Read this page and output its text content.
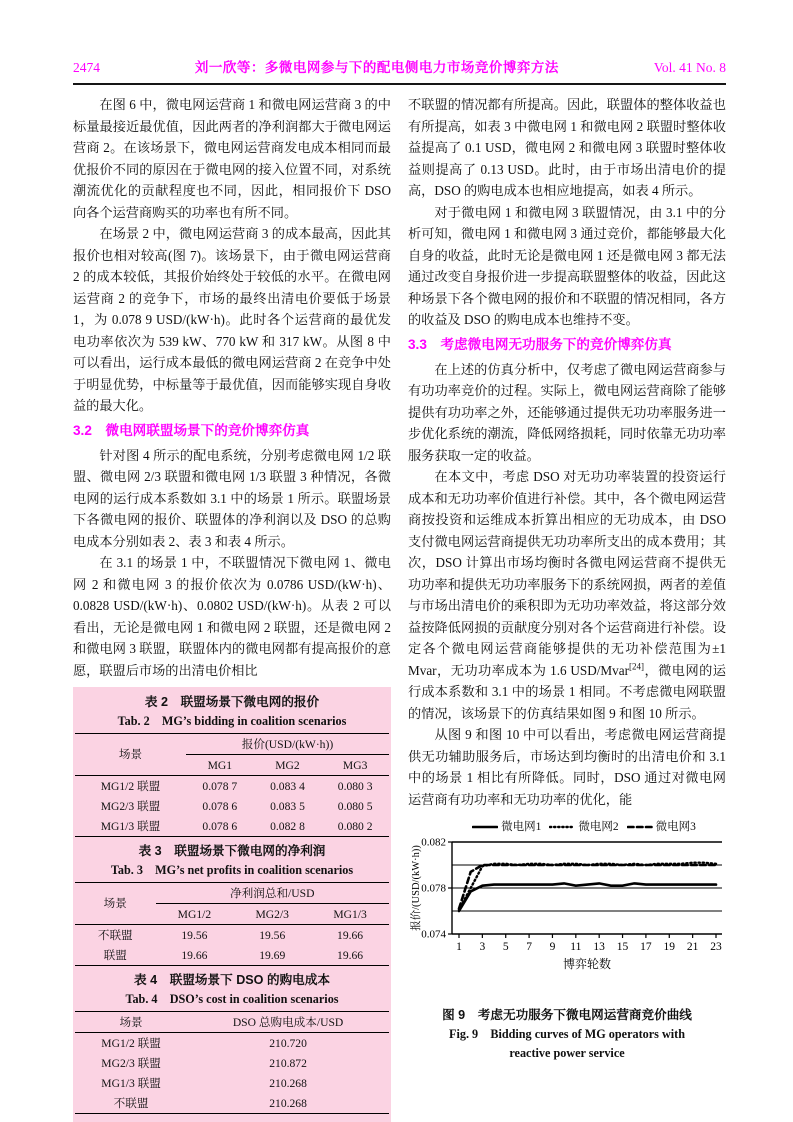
2474	刘一欣等：多微电网参与下的配电侧电力市场竞价博弈方法	Vol. 41 No. 8

在图 6 中，微电网运营商 1 和微电网运营商 3 的中标量最接近最优值，因此两者的净利润都大于微电网运营商 2。在该场景下，微电网运营商发电成本相同而最优报价不同的原因在于微电网的接入位置不同，对系统潮流优化的贡献程度也不同，因此，相同报价下 DSO 向各个运营商购买的功率也有所不同。

在场景 2 中，微电网运营商 3 的成本最高，因此其报价也相对较高(图 7)。该场景下，由于微电网运营商 2 的成本较低，其报价始终处于较低的水平。在微电网运营商 2 的竞争下，市场的最终出清电价要低于场景 1，为 0.078 9 USD/(kW·h)。此时各个运营商的最优发电功率依次为 539 kW、770 kW 和 317 kW。从图 8 中可以看出，运行成本最低的微电网运营商 2 在竞争中处于明显优势，中标量等于最优值，因而能够实现自身收益的最大化。

3.2　微电网联盟场景下的竞价博弈仿真

针对图 4 所示的配电系统，分别考虑微电网 1/2 联盟、微电网 2/3 联盟和微电网 1/3 联盟 3 种情况，各微电网的运行成本系数如 3.1 中的场景 1 所示。联盟场景下各微电网的报价、联盟体的净利润以及 DSO 的总购电成本分别如表 2、表 3 和表 4 所示。

在 3.1 的场景 1 中，不联盟情况下微电网 1、微电网 2 和微电网 3 的报价依次为 0.0786 USD/(kW·h)、0.0828 USD/(kW·h)、0.0802 USD/(kW·h)。从表 2 可以看出，无论是微电网 1 和微电网 2 联盟，还是微电网 2 和微电网 3 联盟，联盟体内的微电网都有提高报价的意愿，联盟后市场的出清电价相比

表 2　联盟场景下微电网的报价
Tab. 2　MG’s bidding in coalition scenarios
场景	报价(USD/(kW·h))		
	MG1	MG2	MG3
MG1/2 联盟	0.078 7	0.083 4	0.080 3
MG2/3 联盟	0.078 6	0.083 5	0.080 5
MG1/3 联盟	0.078 6	0.082 8	0.080 2
表 3　联盟场景下微电网的净利润
Tab. 3　MG’s net profits in coalition scenarios
场景	净利润总和/USD		
	MG1/2	MG2/3	MG1/3
不联盟	19.56	19.56	19.66
联盟	19.66	19.69	19.66
表 4　联盟场景下 DSO 的购电成本
Tab. 4　DSO’s cost in coalition scenarios
场景	DSO 总购电成本/USD
MG1/2 联盟	210.720
MG2/3 联盟	210.872
MG1/3 联盟	210.268
不联盟	210.268

不联盟的情况都有所提高。因此，联盟体的整体收益也有所提高，如表 3 中微电网 1 和微电网 2 联盟时整体收益提高了 0.1 USD，微电网 2 和微电网 3 联盟时整体收益则提高了 0.13 USD。此时，由于市场出清电价的提高，DSO 的购电成本也相应地提高，如表 4 所示。

对于微电网 1 和微电网 3 联盟情况，由 3.1 中的分析可知，微电网 1 和微电网 3 通过竞价，都能够最大化自身的收益，此时无论是微电网 1 还是微电网 3 都无法通过改变自身报价进一步提高联盟整体的收益，因此这种场景下各个微电网的报价和不联盟的情况相同，各方的收益及 DSO 的购电成本也维持不变。

3.3　考虑微电网无功服务下的竞价博弈仿真

在上述的仿真分析中，仅考虑了微电网运营商参与有功功率竞价的过程。实际上，微电网运营商除了能够提供有功功率之外，还能够通过提供无功功率服务进一步优化系统的潮流，降低网络损耗，同时依靠无功功率服务获取一定的收益。

在本文中，考虑 DSO 对无功功率装置的投资运行成本和无功功率价值进行补偿。其中，各个微电网运营商按投资和运维成本折算出相应的无功成本，由 DSO 支付微电网运营商提供无功功率所支出的成本费用；其次，DSO 计算出市场均衡时各微电网运营商不提供无功功率和提供无功功率服务下的系统网损，两者的差值与市场出清电价的乘积即为无功功率效益，将这部分效益按降低网损的贡献度分别对各个运营商进行补偿。设定各个微电网运营商能够提供的无功补偿范围为±1 Mvar，无功功率成本为 1.6 USD/Mvar[24]，微电网的运行成本系数和 3.1 中的场景 1 相同。不考虑微电网联盟的情况，该场景下的仿真结果如图 9 和图 10 所示。

从图 9 和图 10 中可以看出，考虑微电网运营商提供无功辅助服务后，市场达到均衡时的出清电价和 3.1 中的场景 1 相比有所降低。同时，DSO 通过对微电网运营商有功功率和无功功率的优化，能

微电网1	微电网2	微电网3
0.074
0.078
0.082
1 3 5 7 9 11 13 15 17 19 21 23
博弈轮数
报价/(USD/(kW·h))
图 9　考虑无功服务下微电网运营商竞价曲线
Fig. 9　Bidding curves of MG operators with
reactive power service
